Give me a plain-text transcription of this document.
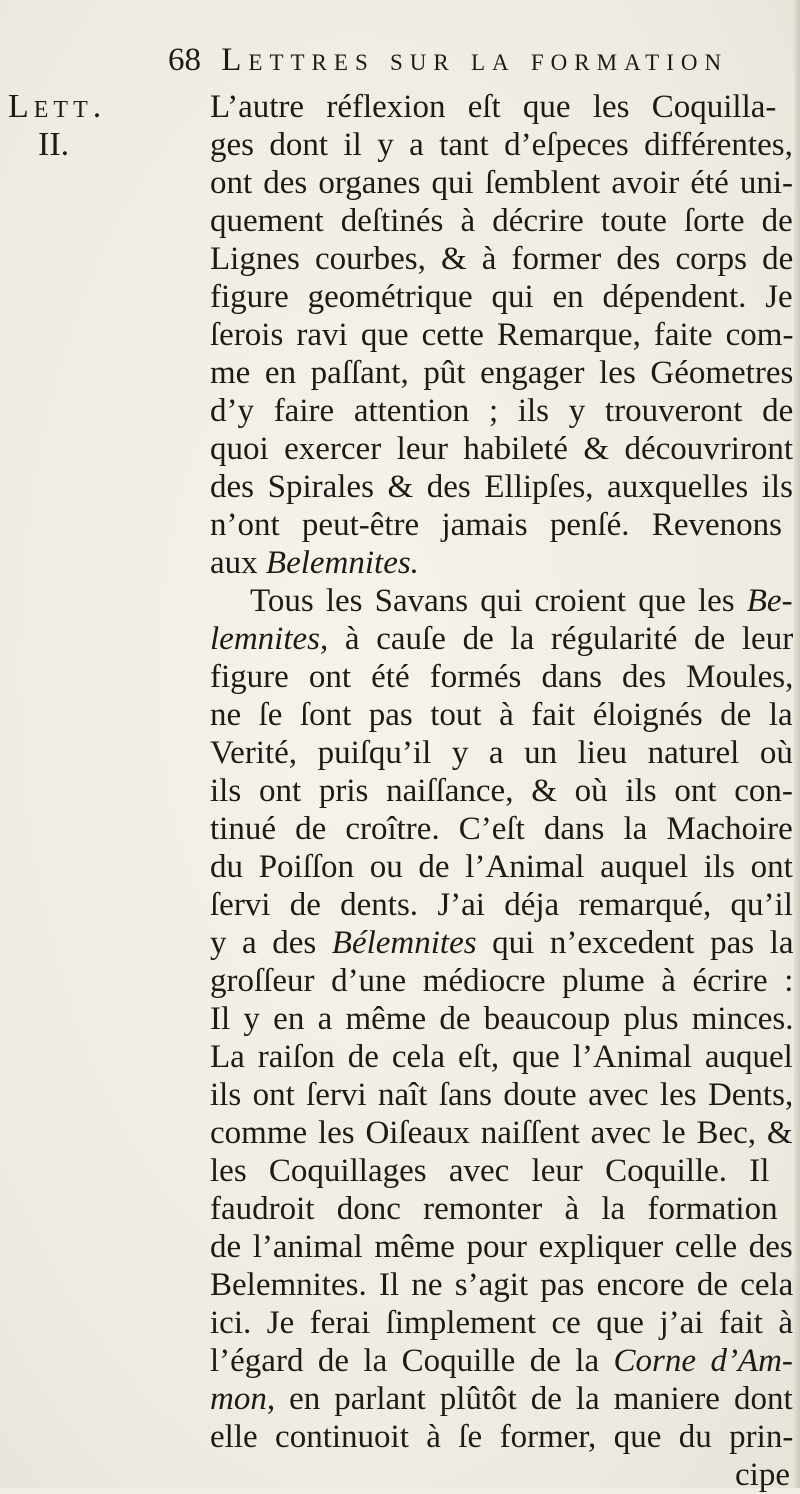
68 Lettres sur la formation
Lett.
II.
L’autre réflexion eſt que les Coquilla-
ges dont il y a tant d’eſpeces différentes,
ont des organes qui ſemblent avoir été uni-
quement deſtinés à décrire toute ſorte de
Lignes courbes, & à former des corps de
figure geométrique qui en dépendent. Je
ſerois ravi que cette Remarque, faite com-
me en paſſant, pût engager les Géometres
d’y faire attention ; ils y trouveront de
quoi exercer leur habileté & découvriront
des Spirales & des Ellipſes, auxquelles ils
n’ont peut-être jamais penſé. Revenons
aux Belemnites.
Tous les Savans qui croient que les Be-
lemnites, à cauſe de la régularité de leur
figure ont été formés dans des Moules,
ne ſe ſont pas tout à fait éloignés de la
Verité, puiſqu’il y a un lieu naturel où
ils ont pris naiſſance, & où ils ont con-
tinué de croître. C’eſt dans la Machoire
du Poiſſon ou de l’Animal auquel ils ont
ſervi de dents. J’ai déja remarqué, qu’il
y a des Bélemnites qui n’excedent pas la
groſſeur d’une médiocre plume à écrire :
Il y en a même de beaucoup plus minces.
La raiſon de cela eſt, que l’Animal auquel
ils ont ſervi naît ſans doute avec les Dents,
comme les Oiſeaux naiſſent avec le Bec, &
les Coquillages avec leur Coquille. Il
faudroit donc remonter à la formation
de l’animal même pour expliquer celle des
Belemnites. Il ne s’agit pas encore de cela
ici. Je ferai ſimplement ce que j’ai fait à
l’égard de la Coquille de la Corne d’Am-
mon, en parlant plûtôt de la maniere dont
elle continuoit à ſe former, que du prin-
cipe
